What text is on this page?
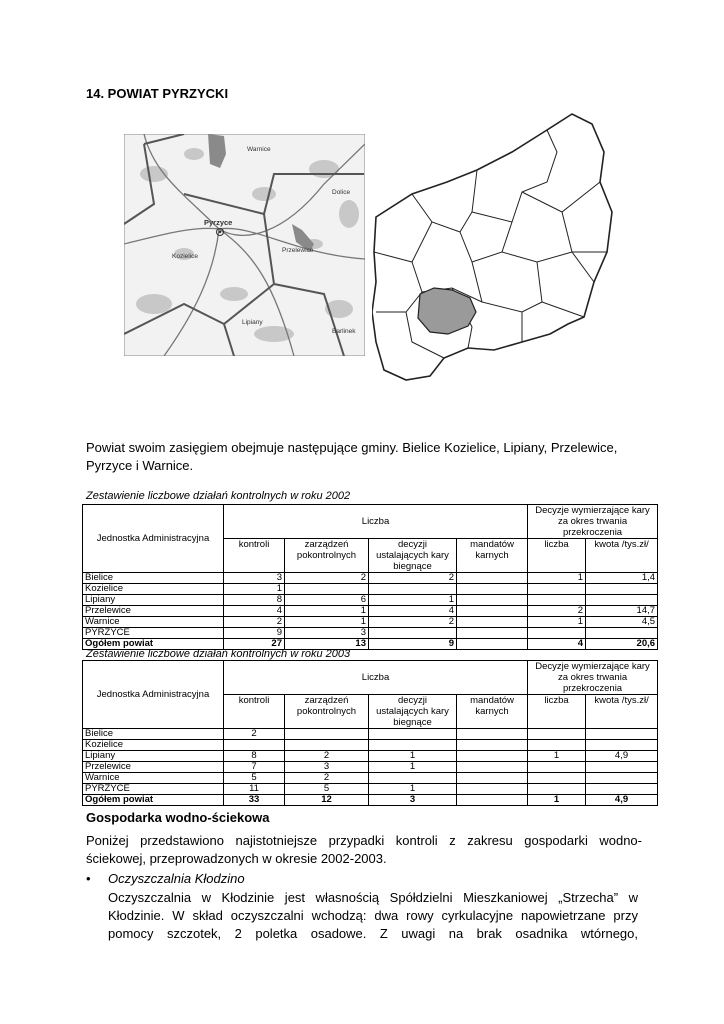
14. POWIAT PYRZYCKI
Warnice
Dolice
Pyrzyce
Przelewice
Kozielice
Lipiany
Barlinek
Powiat swoim zasięgiem obejmuje następujące gminy. Bielice Kozielice, Lipiany, Przelewice, Pyrzyce i Warnice.
Zestawienie liczbowe działań kontrolnych w roku 2002
Jednostka Administracyjna	Liczba				Decyzje wymierzające kary za okres trwania przekroczenia	
	kontroli	zarządzeń pokontrolnych	decyzji ustalających kary biegnące	mandatów karnych	liczba	kwota /tys.zł/
Bielice	3	2	2		1	1,4
Kozielice	1					
Lipiany	8	6	1			
Przelewice	4	1	4		2	14,7
Warnice	2	1	2		1	4,5
PYRZYCE	9	3				
Ogółem powiat	27	13	9		4	20,6
Zestawienie liczbowe działań kontrolnych w roku 2003
Jednostka Administracyjna	Liczba				Decyzje wymierzające kary za okres trwania przekroczenia	
	kontroli	zarządzeń pokontrolnych	decyzji ustalających kary biegnące	mandatów karnych	liczba	kwota /tys.zł/
Bielice	2					
Kozielice						
Lipiany	8	2	1		1	4,9
Przelewice	7	3	1			
Warnice	5	2				
PYRZYCE	11	5	1			
Ogółem powiat	33	12	3		1	4,9
Gospodarka wodno-ściekowa
Poniżej przedstawiono najistotniejsze przypadki kontroli z zakresu gospodarki wodno-
ściekowej, przeprowadzonych w okresie 2002-2003.
• Oczyszczalnia Kłodzino
Oczyszczalnia w Kłodzinie jest własnością Spółdzielni Mieszkaniowej „Strzecha” w
Kłodzinie. W skład oczyszczalni wchodzą: dwa rowy cyrkulacyjne napowietrzane przy
pomocy szczotek, 2 poletka osadowe. Z uwagi na brak osadnika wtórnego,
